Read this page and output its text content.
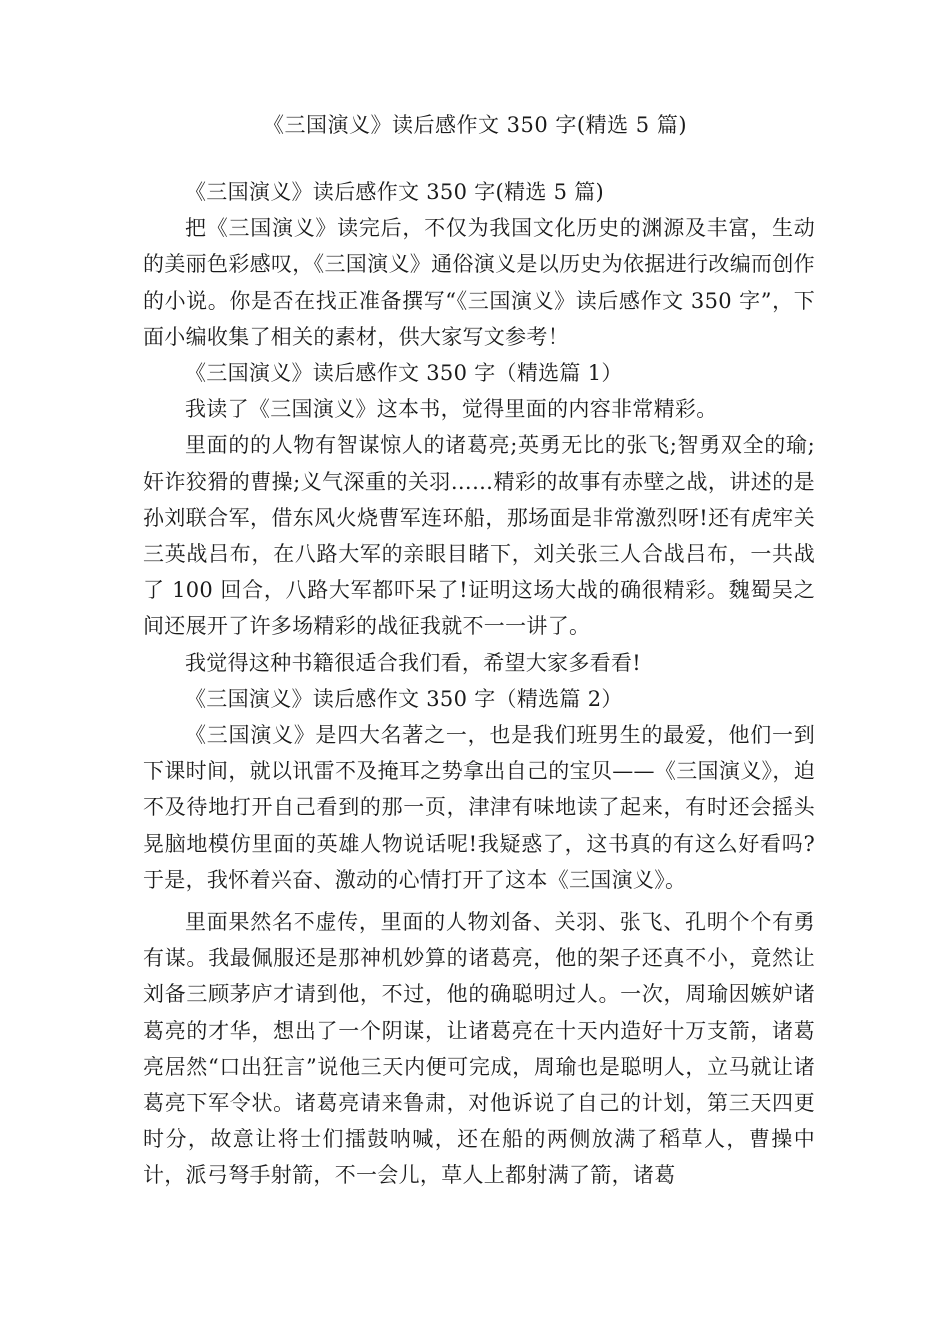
《三国演义》读后感作文 350 字(精选 5 篇)

《三国演义》读后感作文 350 字(精选 5 篇)

把《三国演义》读完后，不仅为我国文化历史的渊源及丰富，生动的美丽色彩感叹，《三国演义》通俗演义是以历史为依据进行改编而创作的小说。你是否在找正准备撰写“《三国演义》读后感作文 350 字”，下面小编收集了相关的素材，供大家写文参考！

《三国演义》读后感作文 350 字（精选篇 1）

我读了《三国演义》这本书，觉得里面的内容非常精彩。

里面的的人物有智谋惊人的诸葛亮;英勇无比的张飞;智勇双全的瑜;奸诈狡猾的曹操;义气深重的关羽……精彩的故事有赤壁之战，讲述的是孙刘联合军，借东风火烧曹军连环船，那场面是非常激烈呀!还有虎牢关三英战吕布，在八路大军的亲眼目睹下，刘关张三人合战吕布，一共战了 100 回合，八路大军都吓呆了!证明这场大战的确很精彩。魏蜀吴之间还展开了许多场精彩的战征我就不一一讲了。

我觉得这种书籍很适合我们看，希望大家多看看!

《三国演义》读后感作文 350 字（精选篇 2）

《三国演义》是四大名著之一，也是我们班男生的最爱，他们一到下课时间，就以讯雷不及掩耳之势拿出自己的宝贝——《三国演义》，迫不及待地打开自己看到的那一页，津津有味地读了起来，有时还会摇头晃脑地模仿里面的英雄人物说话呢!我疑惑了，这书真的有这么好看吗?于是，我怀着兴奋、激动的心情打开了这本《三国演义》。

里面果然名不虚传，里面的人物刘备、关羽、张飞、孔明个个有勇有谋。我最佩服还是那神机妙算的诸葛亮，他的架子还真不小，竟然让刘备三顾茅庐才请到他，不过，他的确聪明过人。一次，周瑜因嫉妒诸葛亮的才华，想出了一个阴谋，让诸葛亮在十天内造好十万支箭，诸葛亮居然“口出狂言”说他三天内便可完成，周瑜也是聪明人，立马就让诸葛亮下军令状。诸葛亮请来鲁肃，对他诉说了自己的计划，第三天四更时分，故意让将士们擂鼓呐喊，还在船的两侧放满了稻草人，曹操中计，派弓弩手射箭，不一会儿，草人上都射满了箭，诸葛
